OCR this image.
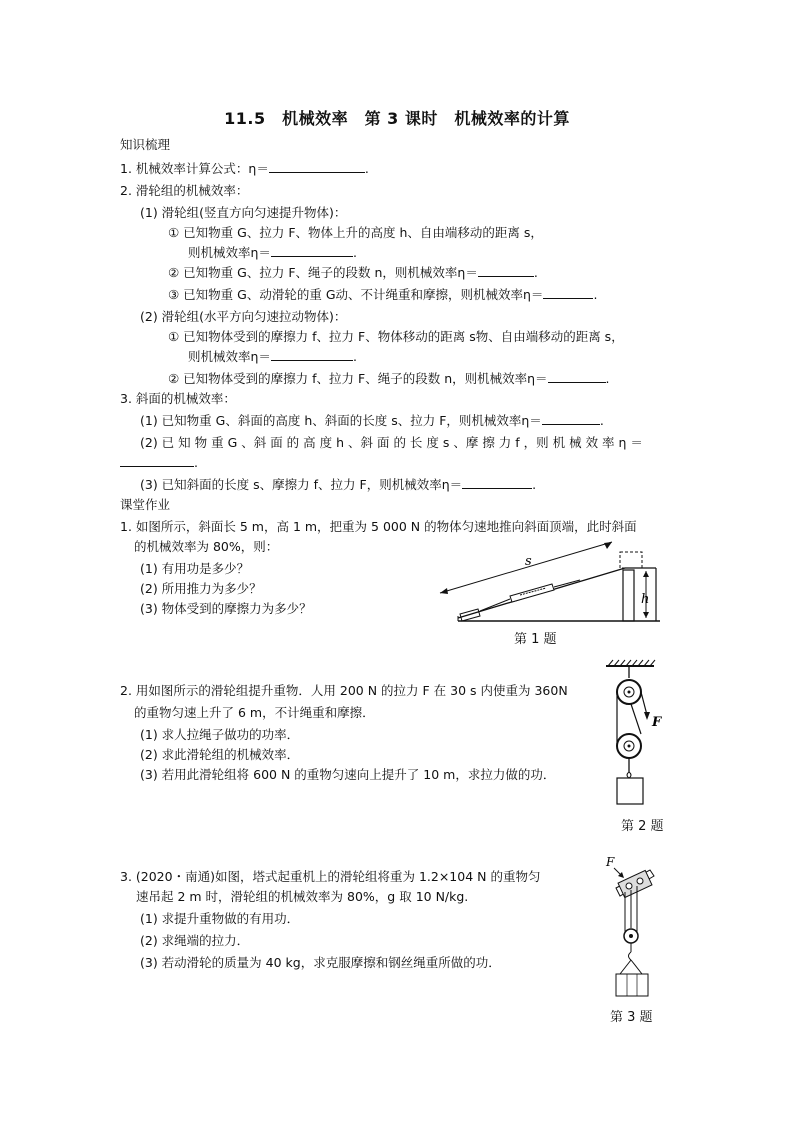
11.5　机械效率　第 3 课时　机械效率的计算
知识梳理
1. 机械效率计算公式：η＝	.
2. 滑轮组的机械效率：
(1) 滑轮组(竖直方向匀速提升物体)：
① 已知物重 G、拉力 F、物体上升的高度 h、自由端移动的距离 s，
则机械效率η＝	.
② 已知物重 G、拉力 F、绳子的段数 n，则机械效率η＝	.
③ 已知物重 G、动滑轮的重 G动、不计绳重和摩擦，则机械效率η＝	.
(2) 滑轮组(水平方向匀速拉动物体)：
① 已知物体受到的摩擦力 f、拉力 F、物体移动的距离 s物、自由端移动的距离 s，
则机械效率η＝	.
② 已知物体受到的摩擦力 f、拉力 F、绳子的段数 n，则机械效率η＝	.
3. 斜面的机械效率：
(1) 已知物重 G、斜面的高度 h、斜面的长度 s、拉力 F，则机械效率η＝	.
(2) 已 知 物 重 G 、斜 面 的 高 度 h 、斜 面 的 长 度 s 、摩 擦 力 f ，则 机 械 效 率 η ＝
.
(3) 已知斜面的长度 s、摩擦力 f、拉力 F，则机械效率η＝	.
课堂作业
1. 如图所示，斜面长 5 m，高 1 m，把重为 5 000 N 的物体匀速地推向斜面顶端，此时斜面
的机械效率为 80%，则：
(1) 有用功是多少？
(2) 所用推力为多少？
(3) 物体受到的摩擦力为多少？
h
s
第 1 题
2. 用如图所示的滑轮组提升重物．人用 200 N 的拉力 F 在 30 s 内使重为 360N
的重物匀速上升了 6 m，不计绳重和摩擦．
(1) 求人拉绳子做功的功率．
(2) 求此滑轮组的机械效率．
(3) 若用此滑轮组将 600 N 的重物匀速向上提升了 10 m，求拉力做的功．
F
第 2 题
3. (2020・南通)如图，塔式起重机上的滑轮组将重为 1.2×104 N 的重物匀
速吊起 2 m 时，滑轮组的机械效率为 80%，g 取 10 N/kg.
(1) 求提升重物做的有用功．
(2) 求绳端的拉力．
(3) 若动滑轮的质量为 40 kg，求克服摩擦和钢丝绳重所做的功．
F
第 3 题
